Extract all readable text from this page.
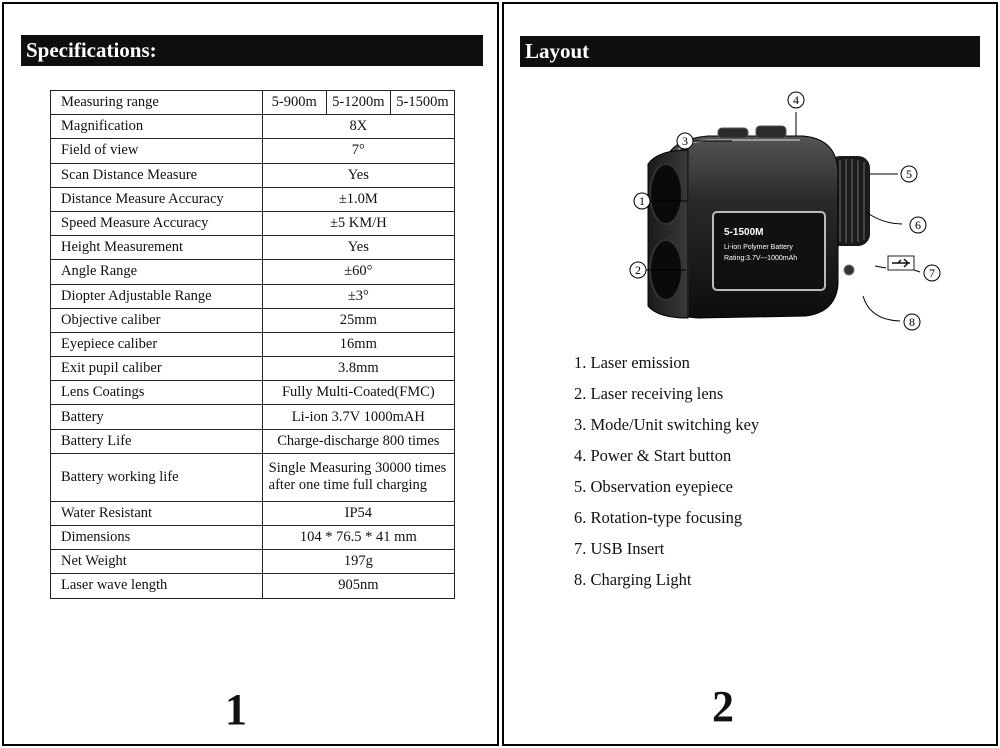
Specifications:
Measuring range	5-900m	5-1200m	5-1500m
Magnification	8X		
Field of view	7°		
Scan Distance Measure	Yes		
Distance Measure Accuracy	±1.0M		
Speed Measure Accuracy	±5 KM/H		
Height Measurement	Yes		
Angle Range	±60°		
Diopter Adjustable Range	±3°		
Objective caliber	25mm		
Eyepiece caliber	16mm		
Exit pupil caliber	3.8mm		
Lens Coatings	Fully Multi-Coated(FMC)		
Battery	Li-ion 3.7V 1000mAH		
Battery Life	Charge-discharge 800 times		
Battery working life	Single Measuring 30000 times
after one time full charging		

Water Resistant	IP54		
Dimensions	104 * 76.5 * 41 mm		
Net Weight	197g		
Laser wave length	905nm		
1
Layout
5-1500M
Li-ion Polymer Battery
Rating:3.7V---1000mAh
1
2
3
4
5
6
7
8
1. Laser emission
2. Laser receiving lens
3. Mode/Unit switching key
4. Power & Start button
5. Observation eyepiece
6. Rotation-type focusing
7. USB Insert
8. Charging Light
2
